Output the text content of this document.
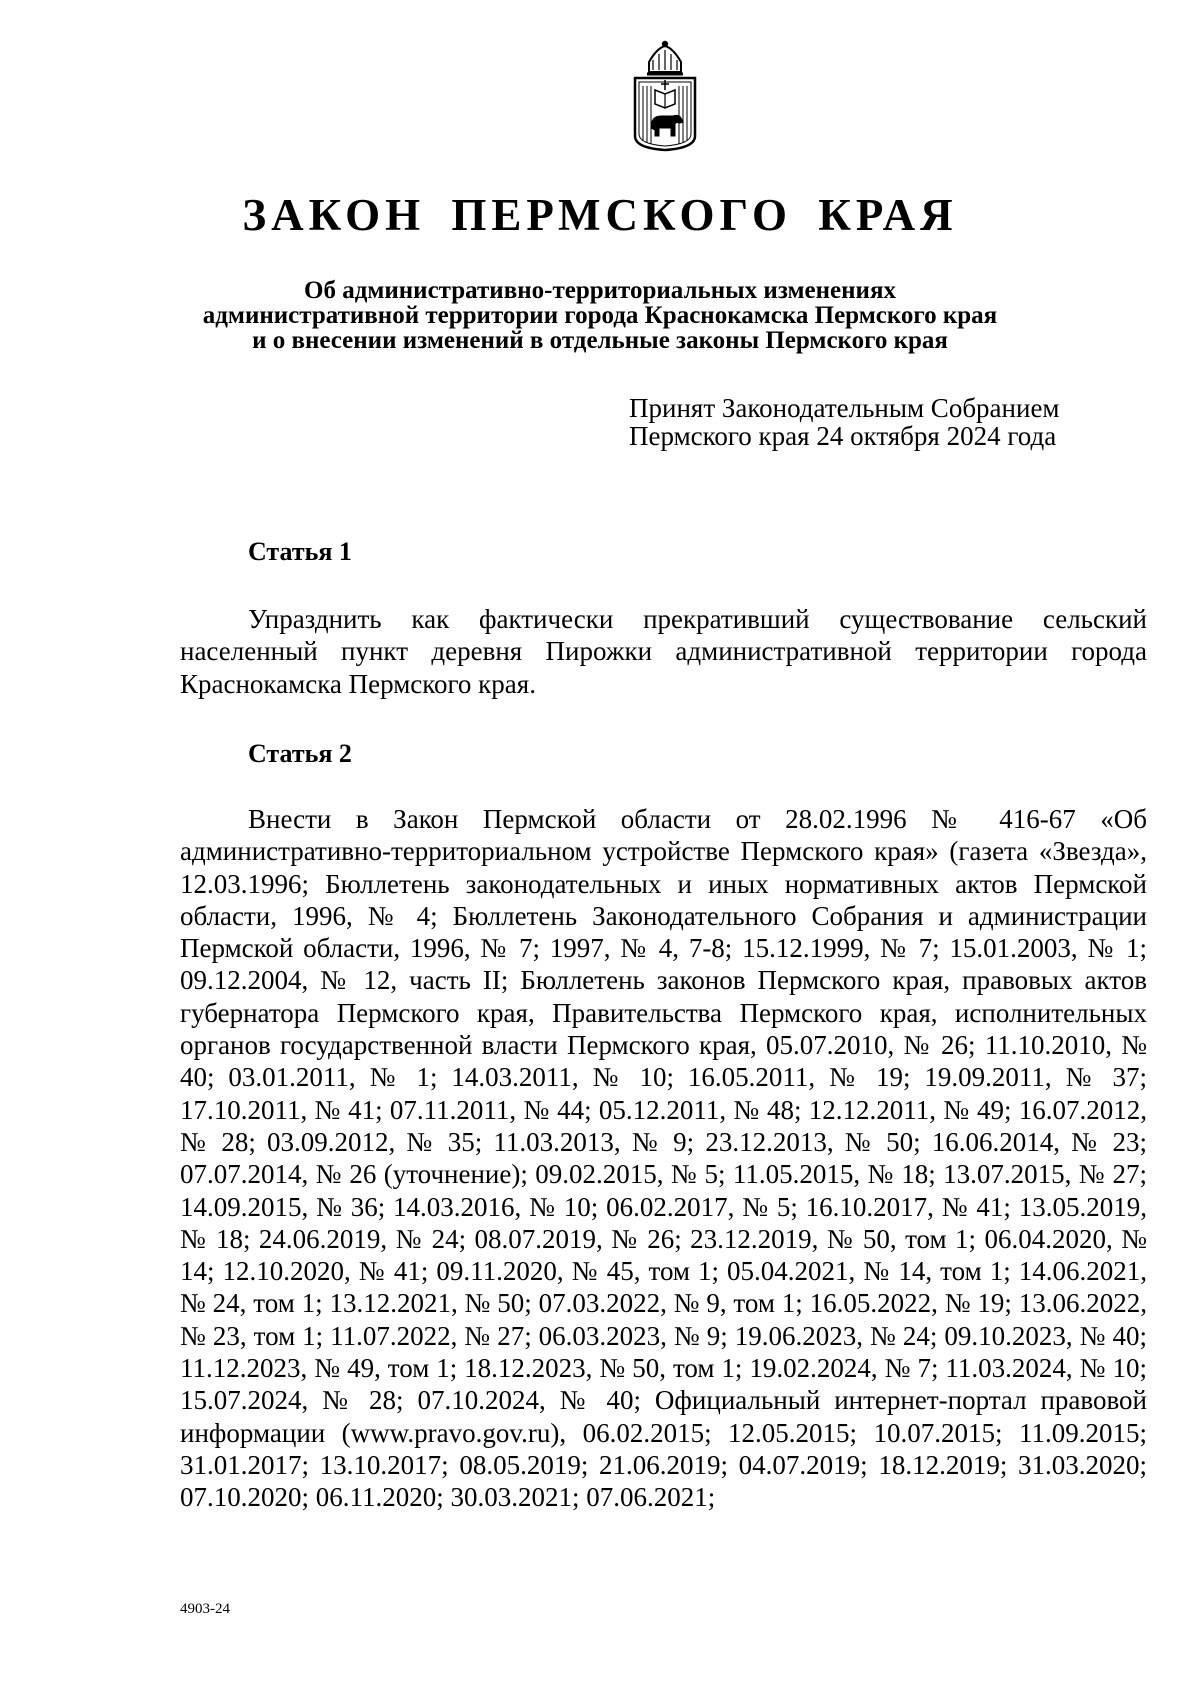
ЗАКОН ПЕРМСКОГО КРАЯ
Об административно-территориальных изменениях
административной территории города Краснокамска Пермского края
и о внесении изменений в отдельные законы Пермского края
Принят Законодательным Собранием
Пермского края 24 октября 2024 года
Статья 1
Упразднить как фактически прекративший существование сельский населенный пункт деревня Пирожки административной территории города Краснокамска Пермского края.
Статья 2
Внести в Закон Пермской области от 28.02.1996 № 416-67 «Об административно-территориальном устройстве Пермского края» (газета «Звезда», 12.03.1996; Бюллетень законодательных и иных нормативных актов Пермской области, 1996, № 4; Бюллетень Законодательного Собрания и администрации Пермской области, 1996, № 7; 1997, № 4, 7-8; 15.12.1999, № 7; 15.01.2003, № 1; 09.12.2004, № 12, часть II; Бюллетень законов Пермского края, правовых актов губернатора Пермского края, Правительства Пермского края, исполнительных органов государственной власти Пермского края, 05.07.2010, № 26; 11.10.2010, № 40; 03.01.2011, № 1; 14.03.2011, № 10; 16.05.2011, № 19; 19.09.2011, № 37; 17.10.2011, № 41; 07.11.2011, № 44; 05.12.2011, № 48; 12.12.2011, № 49; 16.07.2012, № 28; 03.09.2012, № 35; 11.03.2013, № 9; 23.12.2013, № 50; 16.06.2014, № 23; 07.07.2014, № 26 (уточнение); 09.02.2015, № 5; 11.05.2015, № 18; 13.07.2015, № 27; 14.09.2015, № 36; 14.03.2016, № 10; 06.02.2017, № 5; 16.10.2017, № 41; 13.05.2019, № 18; 24.06.2019, № 24; 08.07.2019, № 26; 23.12.2019, № 50, том 1; 06.04.2020, № 14; 12.10.2020, № 41; 09.11.2020, № 45, том 1; 05.04.2021, № 14, том 1; 14.06.2021, № 24, том 1; 13.12.2021, № 50; 07.03.2022, № 9, том 1; 16.05.2022, № 19; 13.06.2022, № 23, том 1; 11.07.2022, № 27; 06.03.2023, № 9; 19.06.2023, № 24; 09.10.2023, № 40; 11.12.2023, № 49, том 1; 18.12.2023, № 50, том 1; 19.02.2024, № 7; 11.03.2024, № 10; 15.07.2024, № 28; 07.10.2024, № 40; Официальный интернет-портал правовой информации (www.pravo.gov.ru), 06.02.2015; 12.05.2015; 10.07.2015; 11.09.2015; 31.01.2017; 13.10.2017; 08.05.2019; 21.06.2019; 04.07.2019; 18.12.2019; 31.03.2020; 07.10.2020; 06.11.2020; 30.03.2021; 07.06.2021;
4903-24
